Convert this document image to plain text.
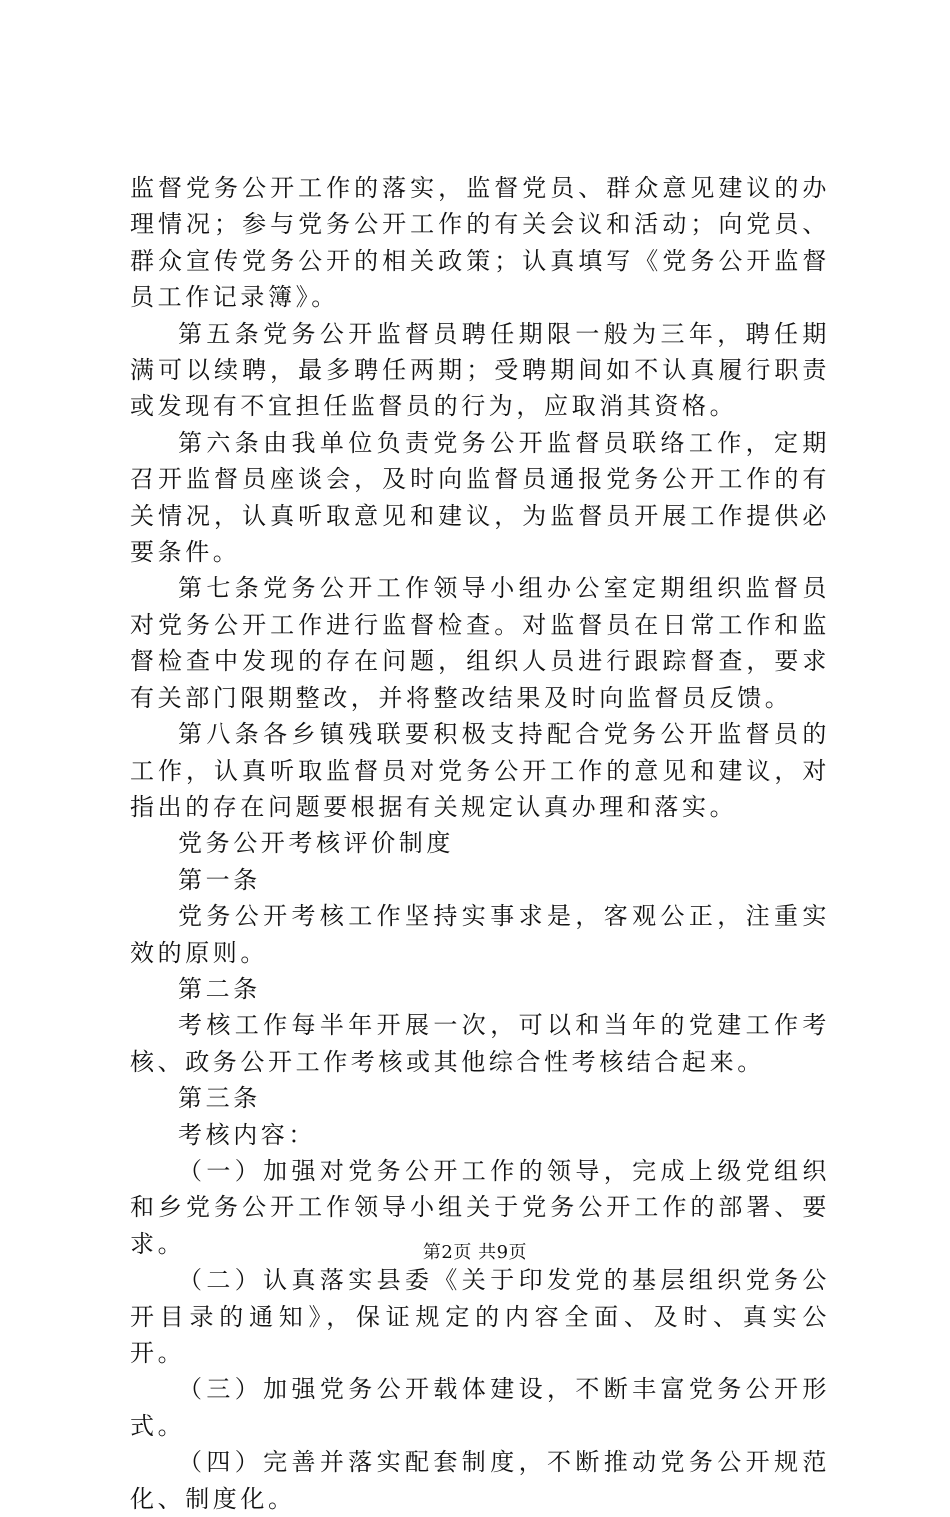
监督党务公开工作的落实，监督党员、群众意见建议的办理情况；参与党务公开工作的有关会议和活动；向党员、群众宣传党务公开的相关政策；认真填写《党务公开监督员工作记录簿》。

第五条党务公开监督员聘任期限一般为三年，聘任期满可以续聘，最多聘任两期；受聘期间如不认真履行职责或发现有不宜担任监督员的行为，应取消其资格。

第六条由我单位负责党务公开监督员联络工作，定期召开监督员座谈会，及时向监督员通报党务公开工作的有关情况，认真听取意见和建议，为监督员开展工作提供必要条件。

第七条党务公开工作领导小组办公室定期组织监督员对党务公开工作进行监督检查。对监督员在日常工作和监督检查中发现的存在问题，组织人员进行跟踪督查，要求有关部门限期整改，并将整改结果及时向监督员反馈。

第八条各乡镇残联要积极支持配合党务公开监督员的工作，认真听取监督员对党务公开工作的意见和建议，对指出的存在问题要根据有关规定认真办理和落实。

党务公开考核评价制度

第一条

党务公开考核工作坚持实事求是，客观公正，注重实效的原则。

第二条

考核工作每半年开展一次，可以和当年的党建工作考核、政务公开工作考核或其他综合性考核结合起来。

第三条

考核内容：

（一）加强对党务公开工作的领导，完成上级党组织和乡党务公开工作领导小组关于党务公开工作的部署、要求。

（二）认真落实县委《关于印发党的基层组织党务公开目录的通知》，保证规定的内容全面、及时、真实公开。

（三）加强党务公开载体建设，不断丰富党务公开形式。

（四）完善并落实配套制度，不断推动党务公开规范化、制度化。

第2页 共9页
